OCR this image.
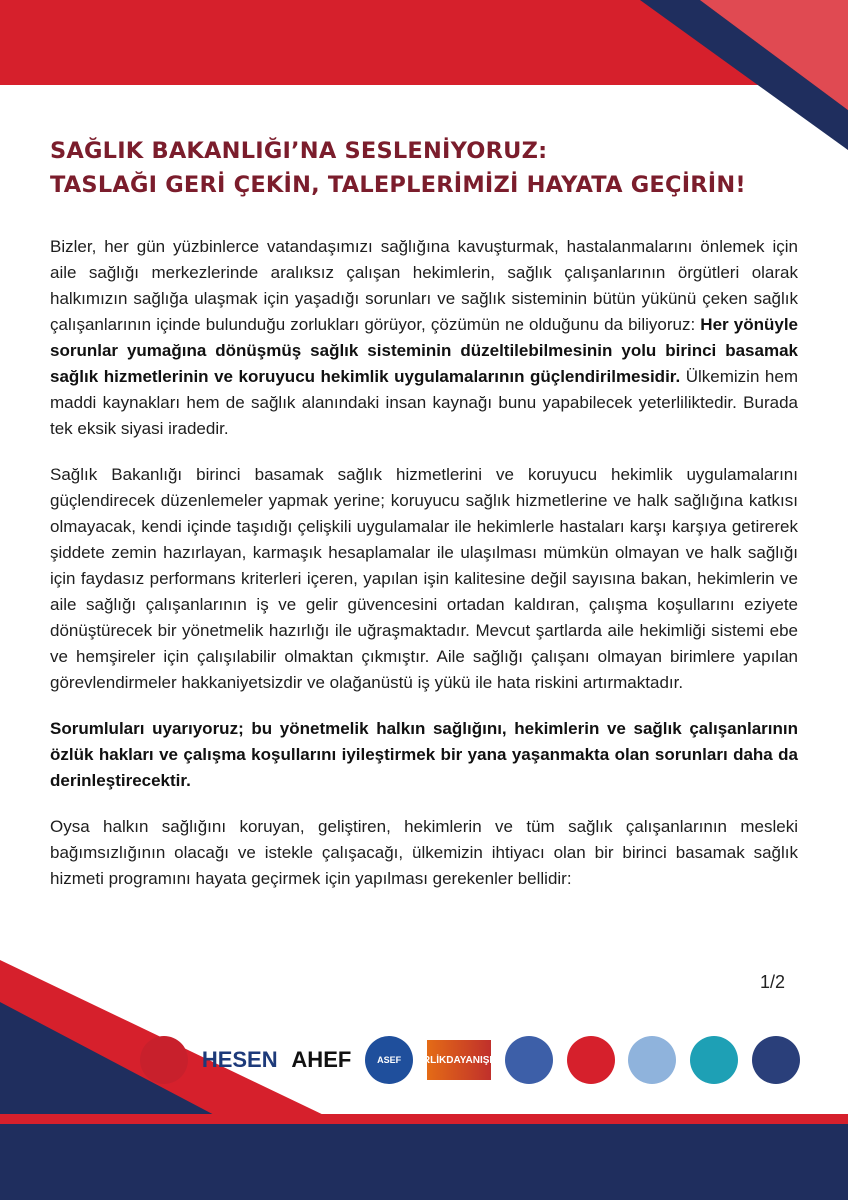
SAĞLIK BAKANLIĞI’NA SESLENİYORUZ:
TASLAĞI GERİ ÇEKİN, TALEPLERİMİZİ HAYATA GEÇİRİN!

Bizler, her gün yüzbinlerce vatandaşımızı sağlığına kavuşturmak, hastalanmalarını önlemek için aile sağlığı merkezlerinde aralıksız çalışan hekimlerin, sağlık çalışanlarının örgütleri olarak halkımızın sağlığa ulaşmak için yaşadığı sorunları ve sağlık sisteminin bütün yükünü çeken sağlık çalışanlarının içinde bulunduğu zorlukları görüyor, çözümün ne olduğunu da biliyoruz: Her yönüyle sorunlar yumağına dönüşmüş sağlık sisteminin düzeltilebilmesinin yolu birinci basamak sağlık hizmetlerinin ve koruyucu hekimlik uygulamalarının güçlendirilmesidir. Ülkemizin hem maddi kaynakları hem de sağlık alanındaki insan kaynağı bunu yapabilecek yeterliliktedir. Burada tek eksik siyasi iradedir.

Sağlık Bakanlığı birinci basamak sağlık hizmetlerini ve koruyucu hekimlik uygulamalarını güçlendirecek düzenlemeler yapmak yerine; koruyucu sağlık hizmetlerine ve halk sağlığına katkısı olmayacak, kendi içinde taşıdığı çelişkili uygulamalar ile hekimlerle hastaları karşı karşıya getirerek şiddete zemin hazırlayan, karmaşık hesaplamalar ile ulaşılması mümkün olmayan ve halk sağlığı için faydasız performans kriterleri içeren, yapılan işin kalitesine değil sayısına bakan, hekimlerin ve aile sağlığı çalışanlarının iş ve gelir güvencesini ortadan kaldıran, çalışma koşullarını eziyete dönüştürecek bir yönetmelik hazırlığı ile uğraşmaktadır. Mevcut şartlarda aile hekimliği sistemi ebe ve hemşireler için çalışılabilir olmaktan çıkmıştır. Aile sağlığı çalışanı olmayan birimlere yapılan görevlendirmeler hakkaniyetsizdir ve olağanüstü iş yükü ile hata riskini artırmaktadır.

Sorumluları uyarıyoruz; bu yönetmelik halkın sağlığını, hekimlerin ve sağlık çalışanlarının özlük hakları ve çalışma koşullarını iyileştirmek bir yana yaşanmakta olan sorunları daha da derinleştirecektir.

Oysa halkın sağlığını koruyan, geliştiren, hekimlerin ve tüm sağlık çalışanlarının mesleki bağımsızlığının olacağı ve istekle çalışacağı, ülkemizin ihtiyacı olan bir birinci basamak sağlık hizmeti programını hayata geçirmek için yapılması gerekenler bellidir:

1/2
HESEN AHEF	ASEF	BİRLİKDAYANIŞMA
